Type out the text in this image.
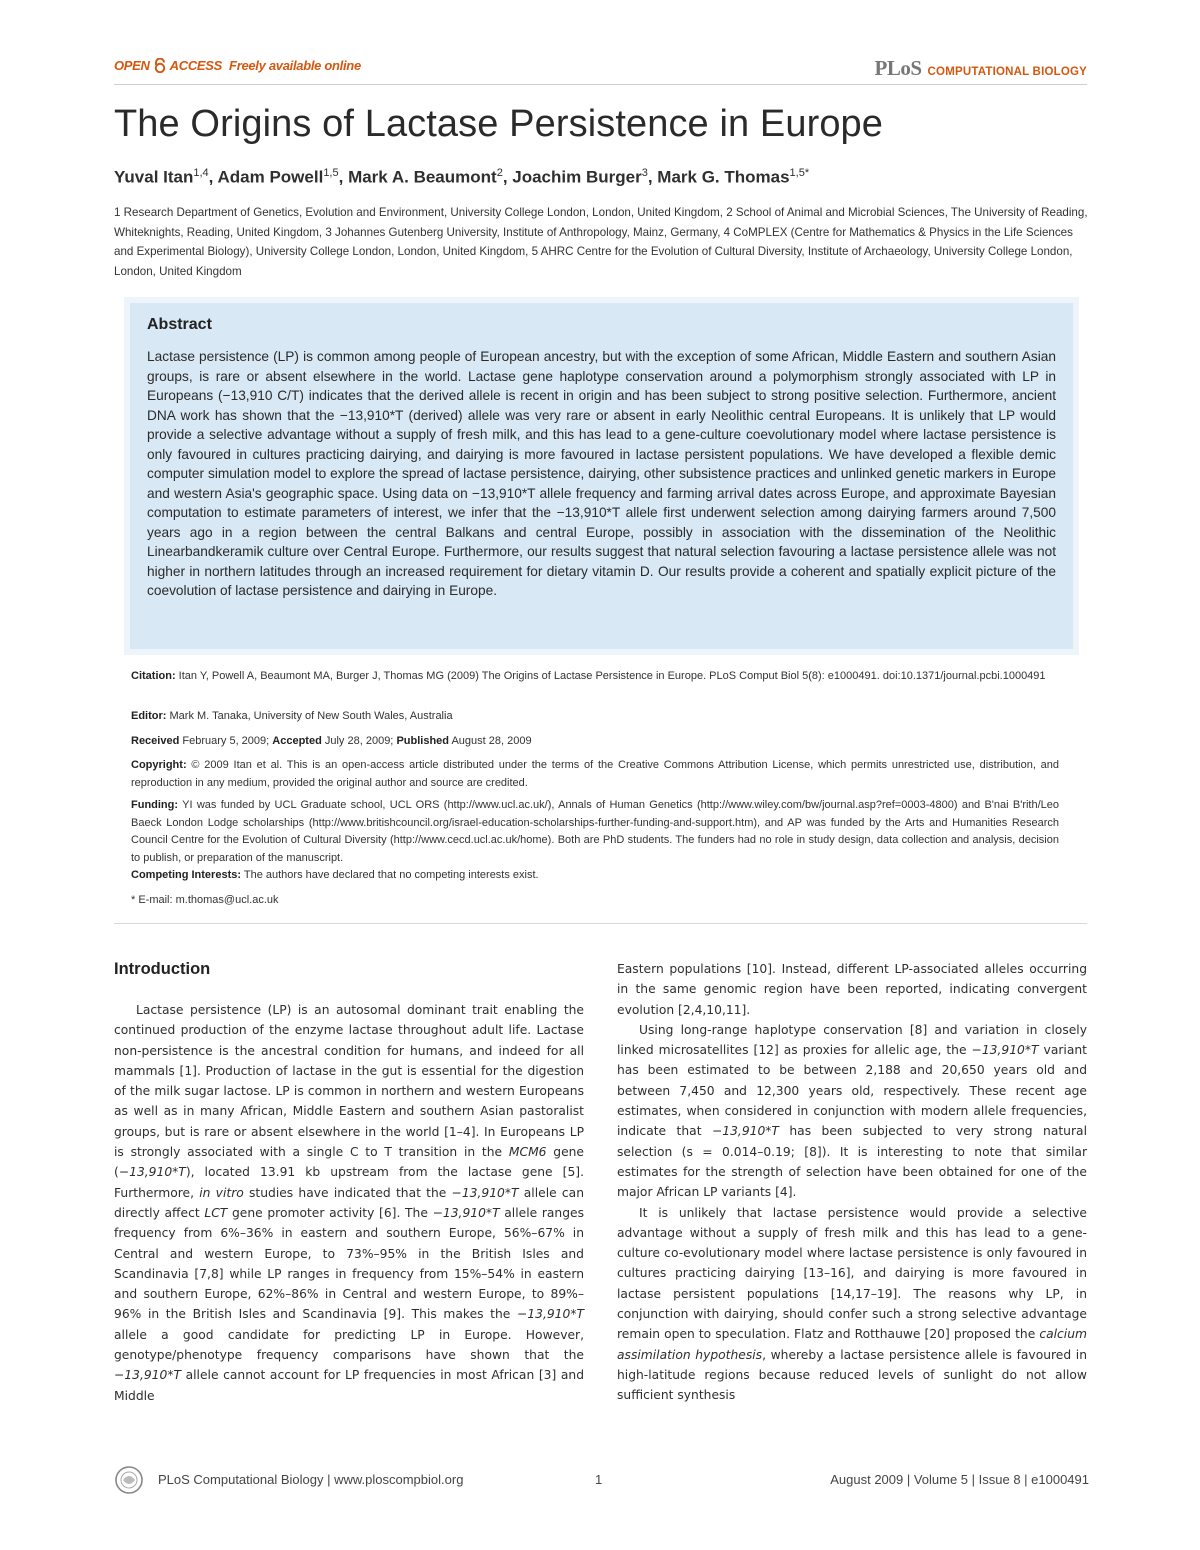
OPEN ACCESS Freely available online	PLoS COMPUTATIONAL BIOLOGY
The Origins of Lactase Persistence in Europe
Yuval Itan$^{1,4}$, Adam Powell$^{1,5}$, Mark A. Beaumont$^2$, Joachim Burger$^3$, Mark G. Thomas$^{1,5*}$
1 Research Department of Genetics, Evolution and Environment, University College London, London, United Kingdom, 2 School of Animal and Microbial Sciences, The University of Reading, Whiteknights, Reading, United Kingdom, 3 Johannes Gutenberg University, Institute of Anthropology, Mainz, Germany, 4 CoMPLEX (Centre for Mathematics & Physics in the Life Sciences and Experimental Biology), University College London, London, United Kingdom, 5 AHRC Centre for the Evolution of Cultural Diversity, Institute of Archaeology, University College London, London, United Kingdom
Abstract
Lactase persistence (LP) is common among people of European ancestry, but with the exception of some African, Middle Eastern and southern Asian groups, is rare or absent elsewhere in the world. Lactase gene haplotype conservation around a polymorphism strongly associated with LP in Europeans (−13,910 C/T) indicates that the derived allele is recent in origin and has been subject to strong positive selection. Furthermore, ancient DNA work has shown that the −13,910*T (derived) allele was very rare or absent in early Neolithic central Europeans. It is unlikely that LP would provide a selective advantage without a supply of fresh milk, and this has lead to a gene-culture coevolutionary model where lactase persistence is only favoured in cultures practicing dairying, and dairying is more favoured in lactase persistent populations. We have developed a flexible demic computer simulation model to explore the spread of lactase persistence, dairying, other subsistence practices and unlinked genetic markers in Europe and western Asia's geographic space. Using data on −13,910*T allele frequency and farming arrival dates across Europe, and approximate Bayesian computation to estimate parameters of interest, we infer that the −13,910*T allele first underwent selection among dairying farmers around 7,500 years ago in a region between the central Balkans and central Europe, possibly in association with the dissemination of the Neolithic Linearbandkeramik culture over Central Europe. Furthermore, our results suggest that natural selection favouring a lactase persistence allele was not higher in northern latitudes through an increased requirement for dietary vitamin D. Our results provide a coherent and spatially explicit picture of the coevolution of lactase persistence and dairying in Europe.
Citation: Itan Y, Powell A, Beaumont MA, Burger J, Thomas MG (2009) The Origins of Lactase Persistence in Europe. PLoS Comput Biol 5(8): e1000491. doi:10.1371/journal.pcbi.1000491
Editor: Mark M. Tanaka, University of New South Wales, Australia
Received February 5, 2009; Accepted July 28, 2009; Published August 28, 2009
Copyright: © 2009 Itan et al. This is an open-access article distributed under the terms of the Creative Commons Attribution License, which permits unrestricted use, distribution, and reproduction in any medium, provided the original author and source are credited.
Funding: YI was funded by UCL Graduate school, UCL ORS (http://www.ucl.ac.uk/), Annals of Human Genetics (http://www.wiley.com/bw/journal.asp?ref=0003-4800) and B'nai B'rith/Leo Baeck London Lodge scholarships (http://www.britishcouncil.org/israel-education-scholarships-further-funding-and-support.htm), and AP was funded by the Arts and Humanities Research Council Centre for the Evolution of Cultural Diversity (http://www.cecd.ucl.ac.uk/home). Both are PhD students. The funders had no role in study design, data collection and analysis, decision to publish, or preparation of the manuscript.
Competing Interests: The authors have declared that no competing interests exist.
* E-mail: m.thomas@ucl.ac.uk
Introduction

Lactase persistence (LP) is an autosomal dominant trait enabling the continued production of the enzyme lactase throughout adult life. Lactase non-persistence is the ancestral condition for humans, and indeed for all mammals [1]. Production of lactase in the gut is essential for the digestion of the milk sugar lactose. LP is common in northern and western Europeans as well as in many African, Middle Eastern and southern Asian pastoralist groups, but is rare or absent elsewhere in the world [1–4]. In Europeans LP is strongly associated with a single C to T transition in the MCM6 gene (−13,910*T), located 13.91 kb upstream from the lactase gene [5]. Furthermore, in vitro studies have indicated that the −13,910*T allele can directly affect LCT gene promoter activity [6]. The −13,910*T allele ranges frequency from 6%–36% in eastern and southern Europe, 56%–67% in Central and western Europe, to 73%–95% in the British Isles and Scandinavia [7,8] while LP ranges in frequency from 15%–54% in eastern and southern Europe, 62%–86% in Central and western Europe, to 89%–96% in the British Isles and Scandinavia [9]. This makes the −13,910*T allele a good candidate for predicting LP in Europe. However, genotype/phenotype frequency comparisons have shown that the −13,910*T allele cannot account for LP frequencies in most African [3] and Middle

Eastern populations [10]. Instead, different LP-associated alleles occurring in the same genomic region have been reported, indicating convergent evolution [2,4,10,11].

Using long-range haplotype conservation [8] and variation in closely linked microsatellites [12] as proxies for allelic age, the −13,910*T variant has been estimated to be between 2,188 and 20,650 years old and between 7,450 and 12,300 years old, respectively. These recent age estimates, when considered in conjunction with modern allele frequencies, indicate that −13,910*T has been subjected to very strong natural selection (s = 0.014–0.19; [8]). It is interesting to note that similar estimates for the strength of selection have been obtained for one of the major African LP variants [4].

It is unlikely that lactase persistence would provide a selective advantage without a supply of fresh milk and this has lead to a gene-culture co-evolutionary model where lactase persistence is only favoured in cultures practicing dairying [13–16], and dairying is more favoured in lactase persistent populations [14,17–19]. The reasons why LP, in conjunction with dairying, should confer such a strong selective advantage remain open to speculation. Flatz and Rotthauwe [20] proposed the calcium assimilation hypothesis, whereby a lactase persistence allele is favoured in high-latitude regions because reduced levels of sunlight do not allow sufficient synthesis

PLoS Computational Biology | www.ploscompbiol.org	1	August 2009 | Volume 5 | Issue 8 | e1000491
